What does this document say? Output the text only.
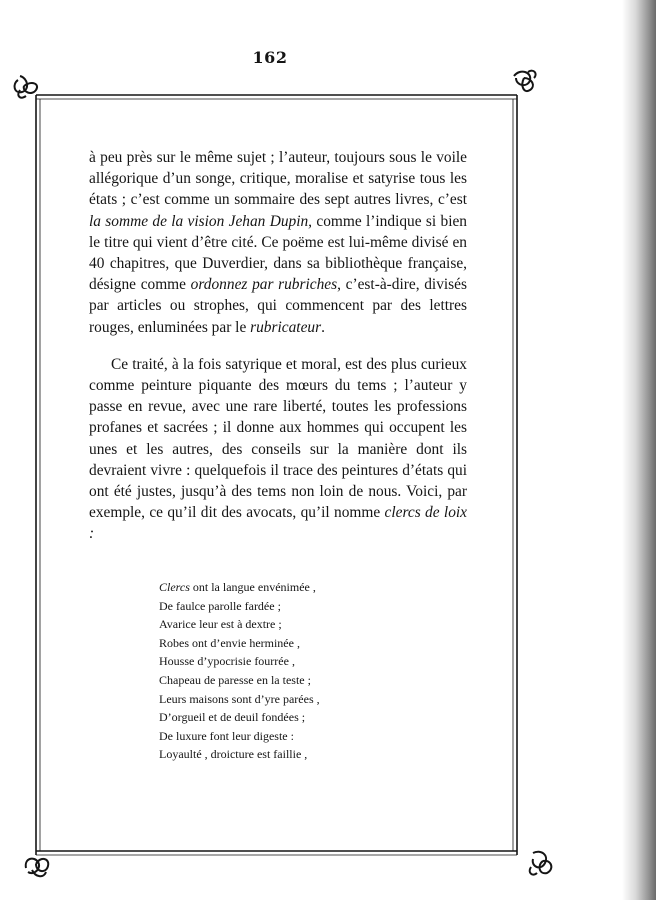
162

à peu près sur le même sujet ; l’auteur, toujours sous le voile allégorique d’un songe, critique, moralise et satyrise tous les états ; c’est comme un sommaire des sept autres livres, c’est la somme de la vision Jehan Dupin, comme l’indique si bien le titre qui vient d’être cité. Ce poëme est lui-même divisé en 40 chapitres, que Duverdier, dans sa bibliothèque française, désigne comme ordonnez par rubriches, c’est-à-dire, divisés par articles ou strophes, qui commencent par des lettres rouges, enluminées par le rubricateur.

Ce traité, à la fois satyrique et moral, est des plus curieux comme peinture piquante des mœurs du tems ; l’auteur y passe en revue, avec une rare liberté, toutes les professions profanes et sacrées ; il donne aux hommes qui occupent les unes et les autres, des conseils sur la manière dont ils devraient vivre : quelquefois il trace des peintures d’états qui ont été justes, jusqu’à des tems non loin de nous. Voici, par exemple, ce qu’il dit des avocats, qu’il nomme clercs de loix :

Clercs ont la langue envénimée ,
De faulce parolle fardée ;
Avarice leur est à dextre ;
Robes ont d’envie herminée ,
Housse d’ypocrisie fourrée ,
Chapeau de paresse en la teste ;
Leurs maisons sont d’yre parées ,
D’orgueil et de deuil fondées ;
De luxure font leur digeste :
Loyaulté , droicture est faillie ,
